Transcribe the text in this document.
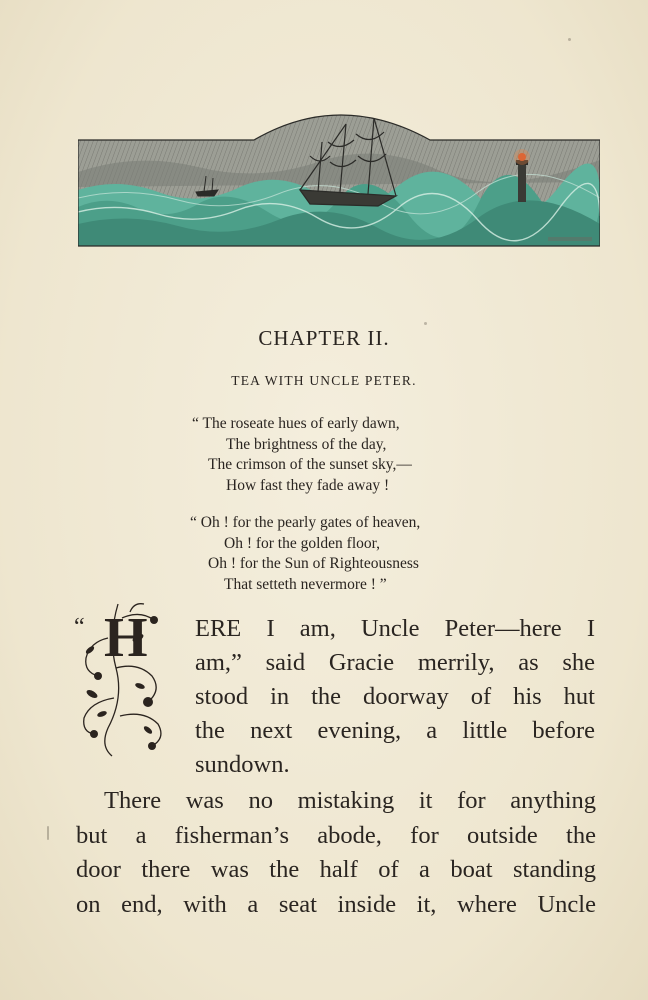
CHAPTER II.
TEA WITH UNCLE PETER.
“ The roseate hues of early dawn,
The brightness of the day,
The crimson of the sunset sky,—
How fast they fade away !
“ Oh ! for the pearly gates of heaven,
Oh ! for the golden floor,
Oh ! for the Sun of Righteousness
That setteth nevermore ! ”
“ H ERE I am, Uncle Peter—here I
am,” said Gracie merrily, as she
stood in the doorway of his hut
the next evening, a little before
sundown.
There was no mistaking it for anything
but a fisherman’s abode, for outside the
door there was the half of a boat standing
on end, with a seat inside it, where Uncle
